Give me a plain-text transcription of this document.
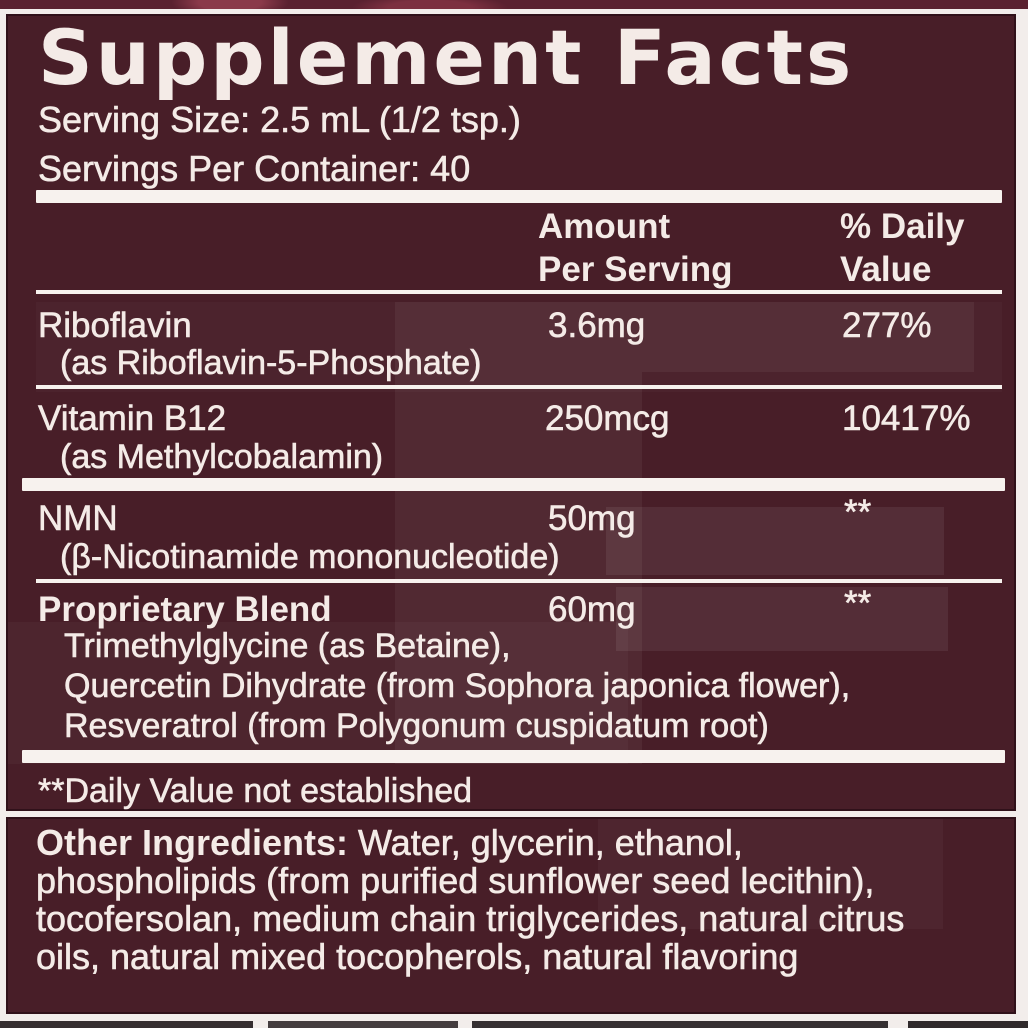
Supplement Facts
Serving Size: 2.5 mL (1/2 tsp.)
Servings Per Container: 40
Amount
Per Serving
% Daily
Value
Riboflavin	3.6mg	277%
(as Riboflavin-5-Phosphate)
Vitamin B12	250mcg	10417%
(as Methylcobalamin)
NMN	50mg	**
(β-Nicotinamide mononucleotide)
Proprietary Blend	60mg	**
Trimethylglycine (as Betaine),
Quercetin Dihydrate (from Sophora japonica flower),
Resveratrol (from Polygonum cuspidatum root)
**Daily Value not established
Other Ingredients: Water, glycerin, ethanol, phospholipids (from purified sunflower seed lecithin), tocofersolan, medium chain triglycerides, natural citrus oils, natural mixed tocopherols, natural flavoring
